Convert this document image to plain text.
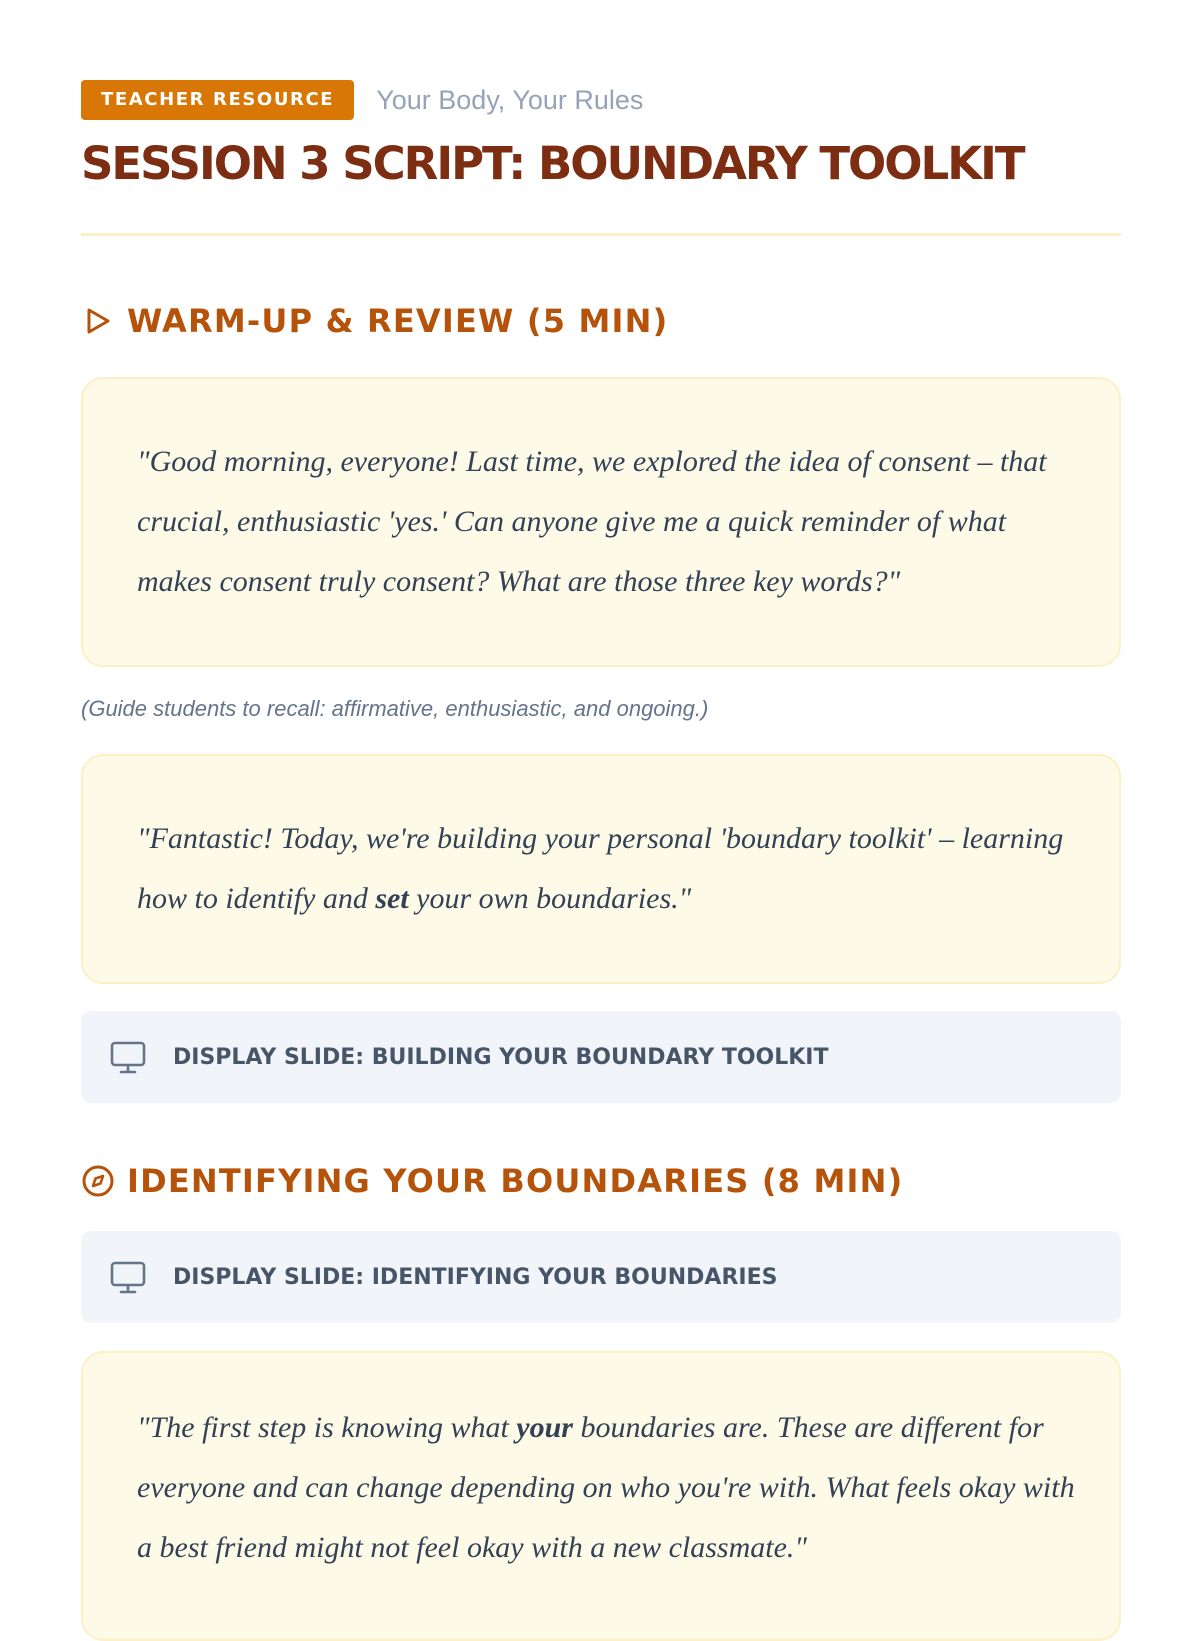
TEACHER RESOURCE	Your Body, Your Rules
SESSION 3 SCRIPT: BOUNDARY TOOLKIT
WARM-UP & REVIEW (5 MIN)
"Good morning, everyone! Last time, we explored the idea of consent – that crucial, enthusiastic 'yes.' Can anyone give me a quick reminder of what makes consent truly consent? What are those three key words?"
(Guide students to recall: affirmative, enthusiastic, and ongoing.)
"Fantastic! Today, we're building your personal 'boundary toolkit' – learning how to identify and set your own boundaries."
DISPLAY SLIDE: BUILDING YOUR BOUNDARY TOOLKIT
IDENTIFYING YOUR BOUNDARIES (8 MIN)
DISPLAY SLIDE: IDENTIFYING YOUR BOUNDARIES
"The first step is knowing what your boundaries are. These are different for everyone and can change depending on who you're with. What feels okay with a best friend might not feel okay with a new classmate."
